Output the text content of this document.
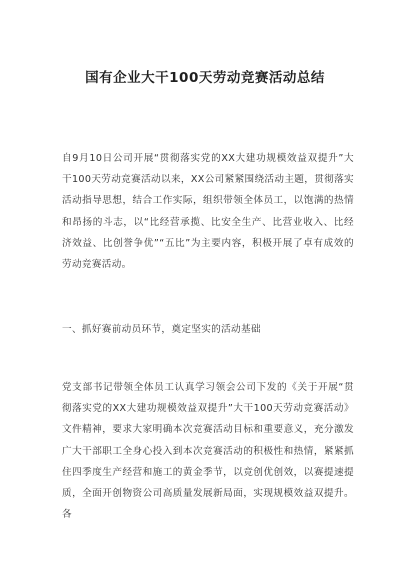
国有企业大干100天劳动竞赛活动总结

自9月10日公司开展“贯彻落实党的XX大建功规模效益双提升”大干100天劳动竞赛活动以来，XX公司紧紧围绕活动主题，贯彻落实活动指导思想，结合工作实际，组织带领全体员工，以饱满的热情和昂扬的斗志，以“比经营承揽、比安全生产、比营业收入、比经济效益、比创誉争优”“五比”为主要内容，积极开展了卓有成效的劳动竞赛活动。

一、抓好赛前动员环节，奠定坚实的活动基础

党支部书记带领全体员工认真学习领会公司下发的《关于开展“贯彻落实党的XX大建功规模效益双提升”大干100天劳动竞赛活动》文件精神，要求大家明确本次竞赛活动目标和重要意义，充分激发广大干部职工全身心投入到本次竞赛活动的积极性和热情，紧紧抓住四季度生产经营和施工的黄金季节，以竞创优创效，以赛提速提质，全面开创物资公司高质量发展新局面，实现规模效益双提升。各
